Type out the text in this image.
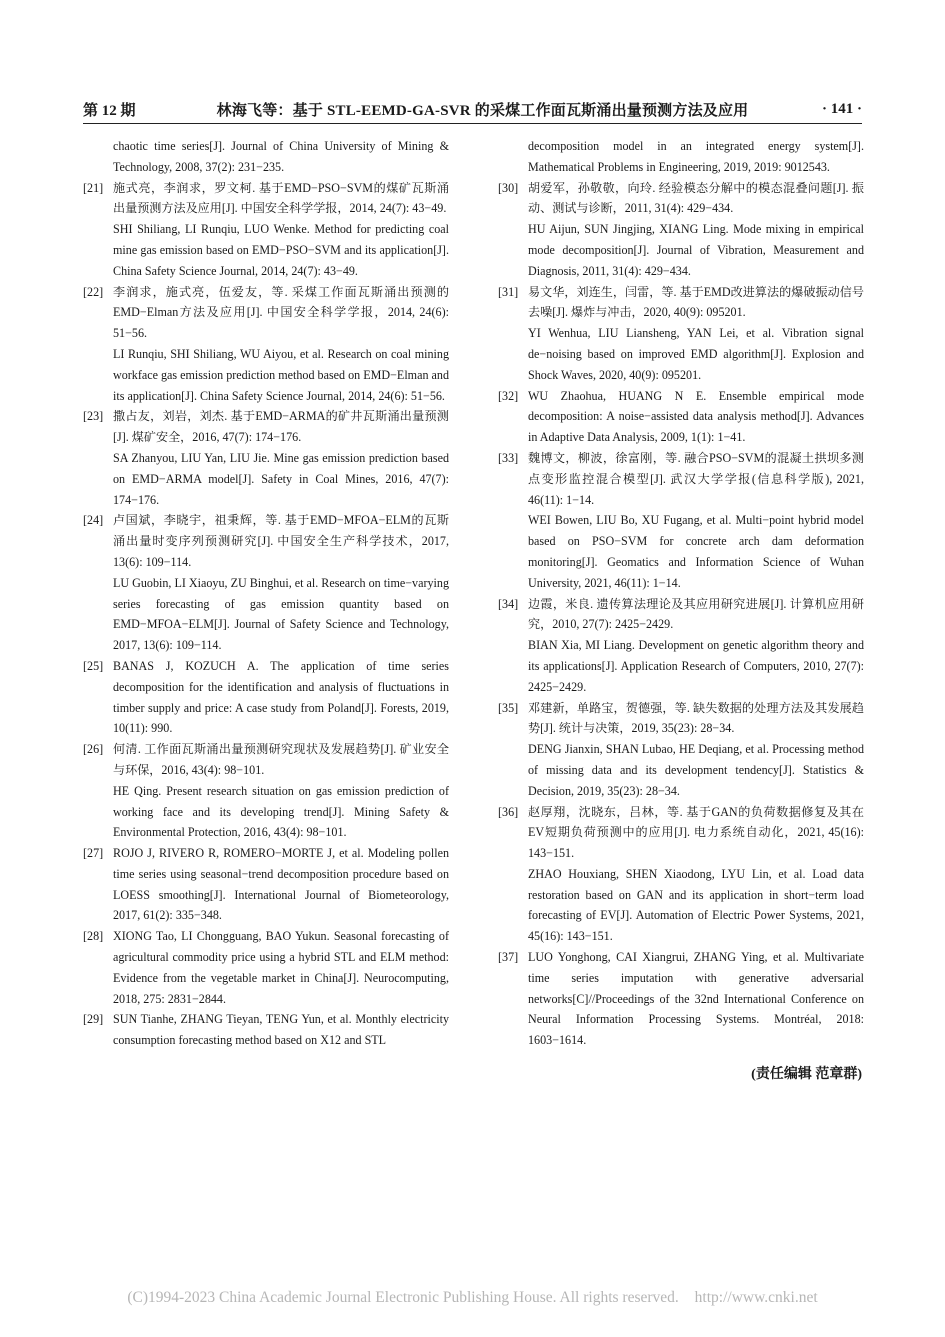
第 12 期	林海飞等：基于 STL-EEMD-GA-SVR 的采煤工作面瓦斯涌出量预测方法及应用	· 141 ·
chaotic time series[J]. Journal of China University of Mining & Technology, 2008, 37(2): 231−235.
[21] 施式亮，李润求，罗文柯. 基于EMD−PSO−SVM的煤矿瓦斯涌出量预测方法及应用[J]. 中国安全科学学报，2014, 24(7): 43−49.

SHI Shiliang, LI Runqiu, LUO Wenke. Method for predicting coal mine gas emission based on EMD−PSO−SVM and its application[J]. China Safety Science Journal, 2014, 24(7): 43−49.

[22] 李润求，施式亮，伍爱友，等. 采煤工作面瓦斯涌出预测的EMD−Elman方法及应用[J]. 中国安全科学学报，2014, 24(6): 51−56.

LI Runqiu, SHI Shiliang, WU Aiyou, et al. Research on coal mining workface gas emission prediction method based on EMD−Elman and its application[J]. China Safety Science Journal, 2014, 24(6): 51−56.

[23] 撒占友，刘岩，刘杰. 基于EMD−ARMA的矿井瓦斯涌出量预测[J]. 煤矿安全，2016, 47(7): 174−176.

SA Zhanyou, LIU Yan, LIU Jie. Mine gas emission prediction based on EMD−ARMA model[J]. Safety in Coal Mines, 2016, 47(7): 174−176.

[24] 卢国斌，李晓宇，祖秉辉，等. 基于EMD−MFOA−ELM的瓦斯涌出量时变序列预测研究[J]. 中国安全生产科学技术，2017, 13(6): 109−114.

LU Guobin, LI Xiaoyu, ZU Binghui, et al. Research on time−varying series forecasting of gas emission quantity based on EMD−MFOA−ELM[J]. Journal of Safety Science and Technology, 2017, 13(6): 109−114.

[25] BANAS J, KOZUCH A. The application of time series decomposition for the identification and analysis of fluctuations in timber supply and price: A case study from Poland[J]. Forests, 2019, 10(11): 990.

[26] 何清. 工作面瓦斯涌出量预测研究现状及发展趋势[J]. 矿业安全与环保，2016, 43(4): 98−101.

HE Qing. Present research situation on gas emission prediction of working face and its developing trend[J]. Mining Safety & Environmental Protection, 2016, 43(4): 98−101.

[27] ROJO J, RIVERO R, ROMERO−MORTE J, et al. Modeling pollen time series using seasonal−trend decomposition procedure based on LOESS smoothing[J]. International Journal of Biometeorology, 2017, 61(2): 335−348.

[28] XIONG Tao, LI Chongguang, BAO Yukun. Seasonal forecasting of agricultural commodity price using a hybrid STL and ELM method: Evidence from the vegetable market in China[J]. Neurocomputing, 2018, 275: 2831−2844.

[29] SUN Tianhe, ZHANG Tieyan, TENG Yun, et al. Monthly electricity consumption forecasting method based on X12 and STL

decomposition model in an integrated energy system[J]. Mathematical Problems in Engineering, 2019, 2019: 9012543.
[30] 胡爱军，孙敬敬，向玲. 经验模态分解中的模态混叠问题[J]. 振动、测试与诊断，2011, 31(4): 429−434.

HU Aijun, SUN Jingjing, XIANG Ling. Mode mixing in empirical mode decomposition[J]. Journal of Vibration, Measurement and Diagnosis, 2011, 31(4): 429−434.

[31] 易文华，刘连生，闫雷，等. 基于EMD改进算法的爆破振动信号去噪[J]. 爆炸与冲击，2020, 40(9): 095201.

YI Wenhua, LIU Liansheng, YAN Lei, et al. Vibration signal de−noising based on improved EMD algorithm[J]. Explosion and Shock Waves, 2020, 40(9): 095201.

[32] WU Zhaohua, HUANG N E. Ensemble empirical mode decomposition: A noise−assisted data analysis method[J]. Advances in Adaptive Data Analysis, 2009, 1(1): 1−41.

[33] 魏博文，柳波，徐富刚，等. 融合PSO−SVM的混凝土拱坝多测点变形监控混合模型[J]. 武汉大学学报(信息科学版), 2021, 46(11): 1−14.

WEI Bowen, LIU Bo, XU Fugang, et al. Multi−point hybrid model based on PSO−SVM for concrete arch dam deformation monitoring[J]. Geomatics and Information Science of Wuhan University, 2021, 46(11): 1−14.

[34] 边霞，米良. 遗传算法理论及其应用研究进展[J]. 计算机应用研究，2010, 27(7): 2425−2429.

BIAN Xia, MI Liang. Development on genetic algorithm theory and its applications[J]. Application Research of Computers, 2010, 27(7): 2425−2429.

[35] 邓建新，单路宝，贺德强，等. 缺失数据的处理方法及其发展趋势[J]. 统计与决策，2019, 35(23): 28−34.

DENG Jianxin, SHAN Lubao, HE Deqiang, et al. Processing method of missing data and its development tendency[J]. Statistics & Decision, 2019, 35(23): 28−34.

[36] 赵厚翔，沈晓东，吕林，等. 基于GAN的负荷数据修复及其在EV短期负荷预测中的应用[J]. 电力系统自动化，2021, 45(16): 143−151.

ZHAO Houxiang, SHEN Xiaodong, LYU Lin, et al. Load data restoration based on GAN and its application in short−term load forecasting of EV[J]. Automation of Electric Power Systems, 2021, 45(16): 143−151.

[37] LUO Yonghong, CAI Xiangrui, ZHANG Ying, et al. Multivariate time series imputation with generative adversarial networks[C]//Proceedings of the 32nd International Conference on Neural Information Processing Systems. Montréal, 2018: 1603−1614.

(责任编辑 范章群)
(C)1994-2023 China Academic Journal Electronic Publishing House. All rights reserved. http://www.cnki.net
